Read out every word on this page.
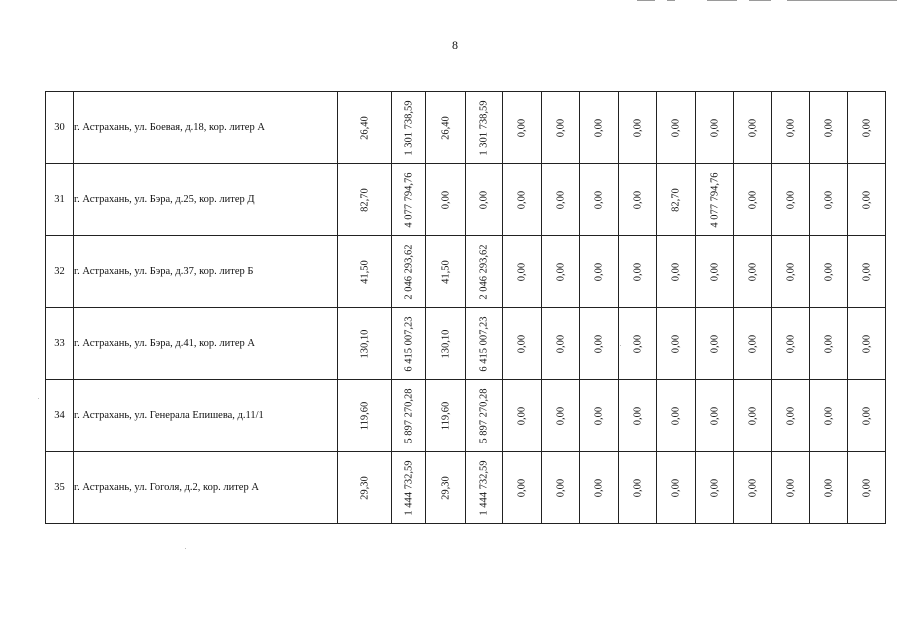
8
30	г. Астрахань, ул. Боевая, д.18, кор. литер А	26,40	1 301 738,59	26,40	1 301 738,59	0,00	0,00	0,00	0,00	0,00	0,00	0,00	0,00	0,00	0,00

31	г. Астрахань, ул. Бэра, д.25, кор. литер Д	82,70	4 077 794,76	0,00	0,00	0,00	0,00	0,00	0,00	82,70	4 077 794,76	0,00	0,00	0,00	0,00

32	г. Астрахань, ул. Бэра, д.37, кор. литер Б	41,50	2 046 293,62	41,50	2 046 293,62	0,00	0,00	0,00	0,00	0,00	0,00	0,00	0,00	0,00	0,00

33	г. Астрахань, ул. Бэра, д.41, кор. литер А	130,10	6 415 007,23	130,10	6 415 007,23	0,00	0,00	0,00	0,00	0,00	0,00	0,00	0,00	0,00	0,00

34	г. Астрахань, ул. Генерала Епишева, д.11/1	119,60	5 897 270,28	119,60	5 897 270,28	0,00	0,00	0,00	0,00	0,00	0,00	0,00	0,00	0,00	0,00

35	г. Астрахань, ул. Гоголя, д.2, кор. литер А	29,30	1 444 732,59	29,30	1 444 732,59	0,00	0,00	0,00	0,00	0,00	0,00	0,00	0,00	0,00	0,00
